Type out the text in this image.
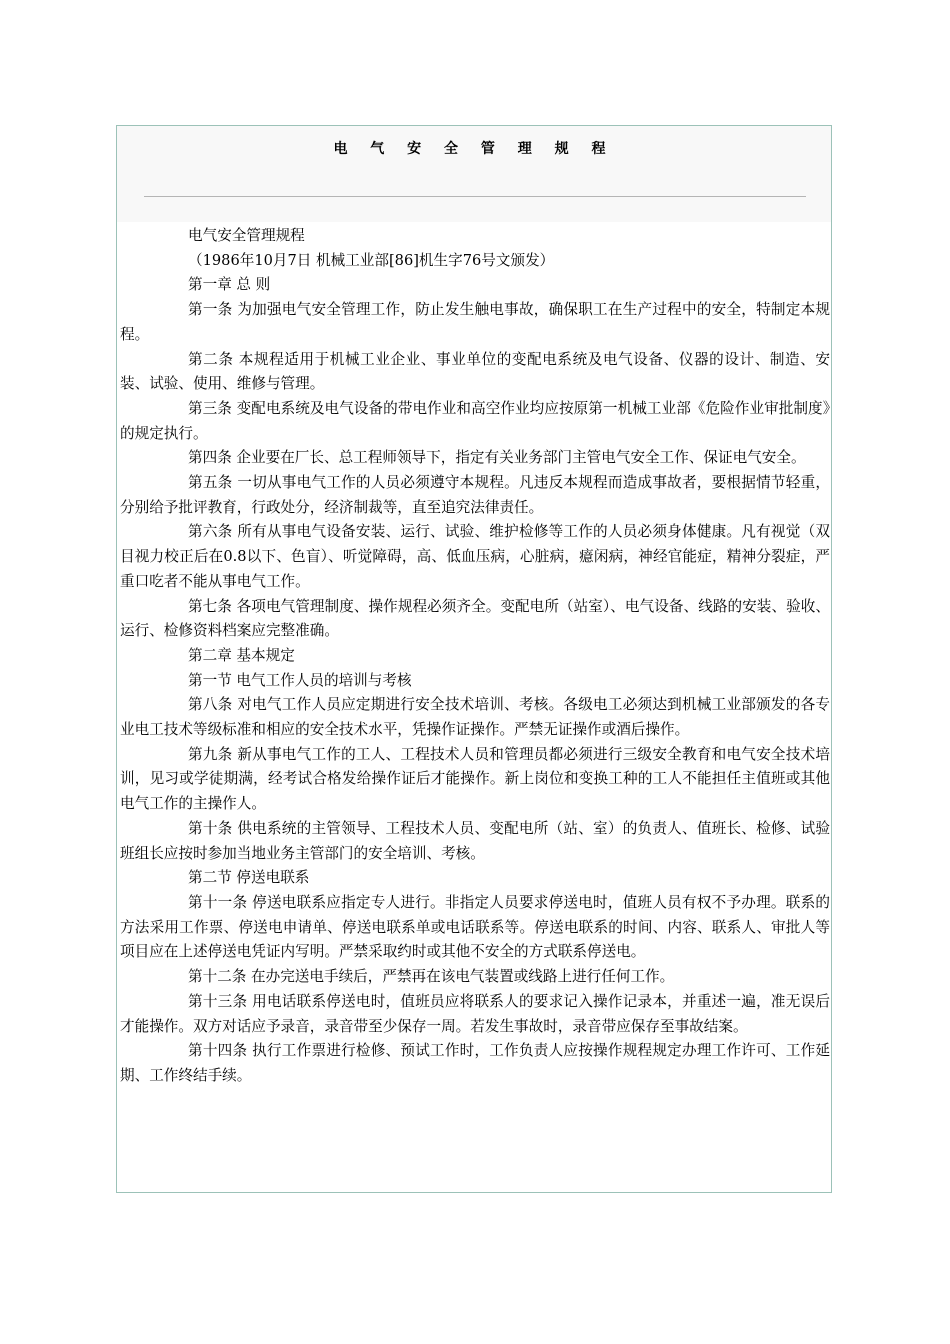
电 气 安 全 管 理 规 程

电气安全管理规程

（1986年10月7日 机械工业部[86]机生字76号文颁发）

第一章 总 则

第一条 为加强电气安全管理工作，防止发生触电事故，确保职工在生产过程中的安全，特制定本规程。

第二条 本规程适用于机械工业企业、事业单位的变配电系统及电气设备、仪器的设计、制造、安装、试验、使用、维修与管理。

第三条 变配电系统及电气设备的带电作业和高空作业均应按原第一机械工业部《危险作业审批制度》的规定执行。

第四条 企业要在厂长、总工程师领导下，指定有关业务部门主管电气安全工作、保证电气安全。

第五条 一切从事电气工作的人员必须遵守本规程。凡违反本规程而造成事故者，要根据情节轻重，分别给予批评教育，行政处分，经济制裁等，直至追究法律责任。

第六条 所有从事电气设备安装、运行、试验、维护检修等工作的人员必须身体健康。凡有视觉（双目视力校正后在0.8以下、色盲）、听觉障碍，高、低血压病，心脏病，癔闲病，神经官能症，精神分裂症，严重口吃者不能从事电气工作。

第七条 各项电气管理制度、操作规程必须齐全。变配电所（站室）、电气设备、线路的安装、验收、运行、检修资料档案应完整准确。

第二章 基本规定

第一节 电气工作人员的培训与考核

第八条 对电气工作人员应定期进行安全技术培训、考核。各级电工必须达到机械工业部颁发的各专业电工技术等级标准和相应的安全技术水平，凭操作证操作。严禁无证操作或酒后操作。

第九条 新从事电气工作的工人、工程技术人员和管理员都必须进行三级安全教育和电气安全技术培训，见习或学徒期满，经考试合格发给操作证后才能操作。新上岗位和变换工种的工人不能担任主值班或其他电气工作的主操作人。

第十条 供电系统的主管领导、工程技术人员、变配电所（站、室）的负责人、值班长、检修、试验班组长应按时参加当地业务主管部门的安全培训、考核。

第二节 停送电联系

第十一条 停送电联系应指定专人进行。非指定人员要求停送电时，值班人员有权不予办理。联系的方法采用工作票、停送电申请单、停送电联系单或电话联系等。停送电联系的时间、内容、联系人、审批人等项目应在上述停送电凭证内写明。严禁采取约时或其他不安全的方式联系停送电。

第十二条 在办完送电手续后，严禁再在该电气装置或线路上进行任何工作。

第十三条 用电话联系停送电时，值班员应将联系人的要求记入操作记录本，并重述一遍，准无误后才能操作。双方对话应予录音，录音带至少保存一周。若发生事故时，录音带应保存至事故结案。

第十四条 执行工作票进行检修、预试工作时，工作负责人应按操作规程规定办理工作许可、工作延期、工作终结手续。
